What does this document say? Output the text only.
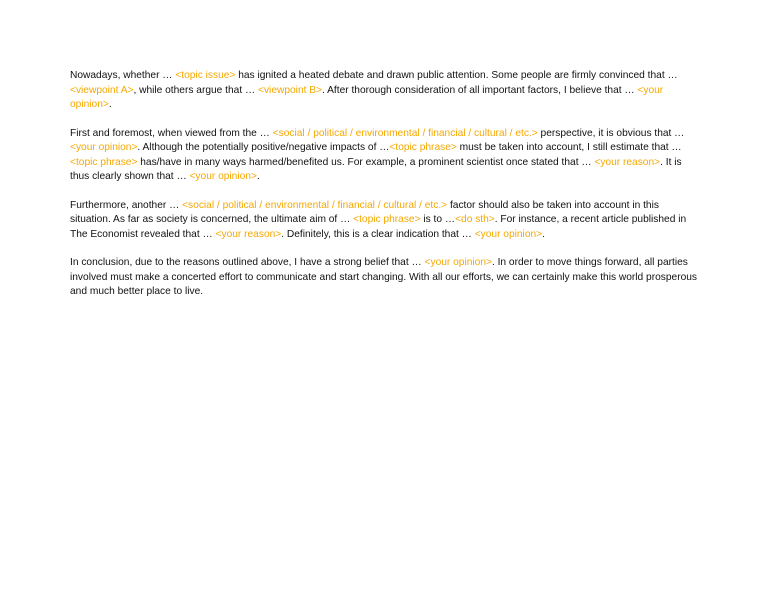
Nowadays, whether … <topic issue> has ignited a heated debate and drawn public attention. Some people are firmly convinced that … <viewpoint A>, while others argue that … <viewpoint B>. After thorough consideration of all important factors, I believe that … <your opinion>.

First and foremost, when viewed from the … <social / political / environmental / financial / cultural / etc.> perspective, it is obvious that … <your opinion>. Although the potentially positive/negative impacts of …<topic phrase> must be taken into account, I still estimate that … <topic phrase> has/have in many ways harmed/benefited us. For example, a prominent scientist once stated that … <your reason>. It is thus clearly shown that … <your opinion>.

Furthermore, another … <social / political / environmental / financial / cultural / etc.> factor should also be taken into account in this situation. As far as society is concerned, the ultimate aim of … <topic phrase> is to …<do sth>. For instance, a recent article published in The Economist revealed that … <your reason>. Definitely, this is a clear indication that … <your opinion>.

In conclusion, due to the reasons outlined above, I have a strong belief that … <your opinion>. In order to move things forward, all parties involved must make a concerted effort to communicate and start changing. With all our efforts, we can certainly make this world prosperous and much better place to live.
